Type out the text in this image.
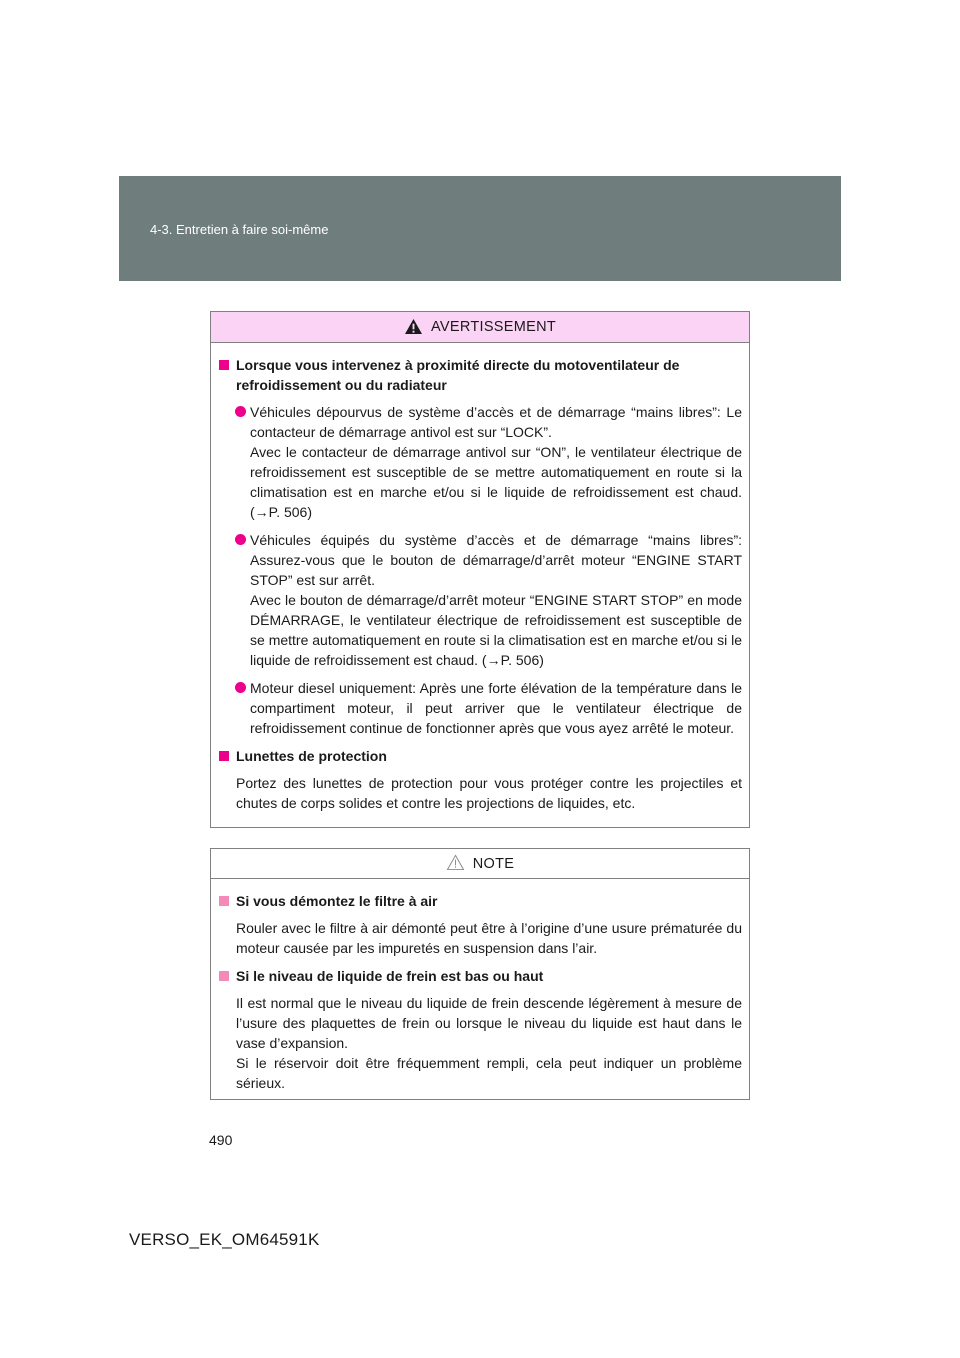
4-3. Entretien à faire soi-même
AVERTISSEMENT
Lorsque vous intervenez à proximité directe du motoventilateur de refroidissement ou du radiateur
Véhicules dépourvus de système d’accès et de démarrage “mains libres”: Le contacteur de démarrage antivol est sur “LOCK”.
Avec le contacteur de démarrage antivol sur “ON”, le ventilateur électrique de refroidissement est susceptible de se mettre automatiquement en route si la climatisation est en marche et/ou si le liquide de refroidissement est chaud. (→P. 506)
Véhicules équipés du système d’accès et de démarrage “mains libres”: Assurez-vous que le bouton de démarrage/d’arrêt moteur “ENGINE START STOP” est sur arrêt.
Avec le bouton de démarrage/d’arrêt moteur “ENGINE START STOP” en mode DÉMARRAGE, le ventilateur électrique de refroidissement est susceptible de se mettre automatiquement en route si la climatisation est en marche et/ou si le liquide de refroidissement est chaud. (→P. 506)
Moteur diesel uniquement: Après une forte élévation de la température dans le compartiment moteur, il peut arriver que le ventilateur électrique de refroidissement continue de fonctionner après que vous ayez arrêté le moteur.
Lunettes de protection
Portez des lunettes de protection pour vous protéger contre les projectiles et chutes de corps solides et contre les projections de liquides, etc.
NOTE
Si vous démontez le filtre à air
Rouler avec le filtre à air démonté peut être à l’origine d’une usure prématurée du moteur causée par les impuretés en suspension dans l’air.
Si le niveau de liquide de frein est bas ou haut
Il est normal que le niveau du liquide de frein descende légèrement à mesure de l’usure des plaquettes de frein ou lorsque le niveau du liquide est haut dans le vase d’expansion.
Si le réservoir doit être fréquemment rempli, cela peut indiquer un problème sérieux.
490
VERSO_EK_OM64591K
